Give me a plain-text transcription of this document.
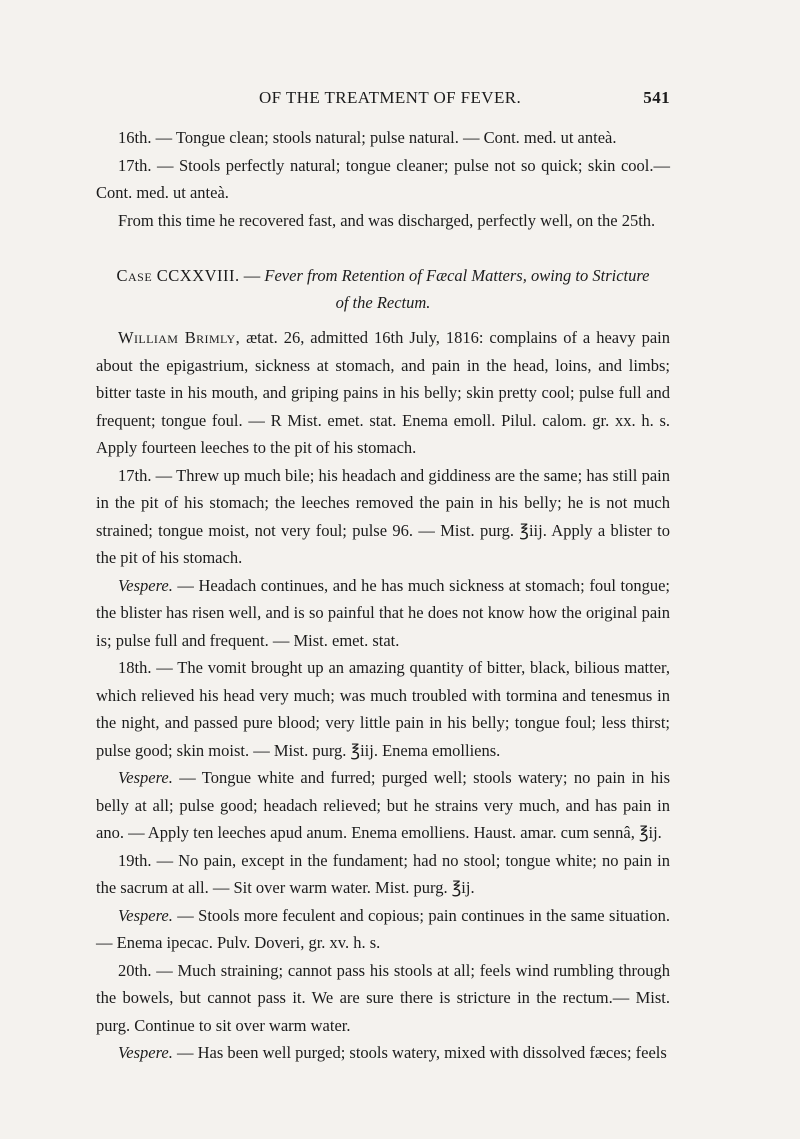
OF THE TREATMENT OF FEVER.	541

16th. — Tongue clean; stools natural; pulse natural. — Cont. med. ut anteà.

17th. — Stools perfectly natural; tongue cleaner; pulse not so quick; skin cool.— Cont. med. ut anteà.

From this time he recovered fast, and was discharged, perfectly well, on the 25th.

Case CCXXVIII. — Fever from Retention of Fæcal Matters, owing to Stricture
of the Rectum.

William Brimly, ætat. 26, admitted 16th July, 1816: complains of a heavy pain about the epigastrium, sickness at stomach, and pain in the head, loins, and limbs; bitter taste in his mouth, and griping pains in his belly; skin pretty cool; pulse full and frequent; tongue foul. — R Mist. emet. stat. Enema emoll. Pilul. calom. gr. xx. h. s. Apply fourteen leeches to the pit of his stomach.

17th. — Threw up much bile; his headach and giddiness are the same; has still pain in the pit of his stomach; the leeches removed the pain in his belly; he is not much strained; tongue moist, not very foul; pulse 96. — Mist. purg. ℥iij. Apply a blister to the pit of his stomach.

Vespere. — Headach continues, and he has much sickness at stomach; foul tongue; the blister has risen well, and is so painful that he does not know how the original pain is; pulse full and frequent. — Mist. emet. stat.

18th. — The vomit brought up an amazing quantity of bitter, black, bilious matter, which relieved his head very much; was much troubled with tormina and tenesmus in the night, and passed pure blood; very little pain in his belly; tongue foul; less thirst; pulse good; skin moist. — Mist. purg. ℥iij. Enema emolliens.

Vespere. — Tongue white and furred; purged well; stools watery; no pain in his belly at all; pulse good; headach relieved; but he strains very much, and has pain in ano. — Apply ten leeches apud anum. Enema emolliens. Haust. amar. cum sennâ, ℥ij.

19th. — No pain, except in the fundament; had no stool; tongue white; no pain in the sacrum at all. — Sit over warm water. Mist. purg. ℥ij.

Vespere. — Stools more feculent and copious; pain continues in the same situation. — Enema ipecac. Pulv. Doveri, gr. xv. h. s.

20th. — Much straining; cannot pass his stools at all; feels wind rumbling through the bowels, but cannot pass it. We are sure there is stricture in the rectum.— Mist. purg. Continue to sit over warm water.

Vespere. — Has been well purged; stools watery, mixed with dissolved fæces; feels
